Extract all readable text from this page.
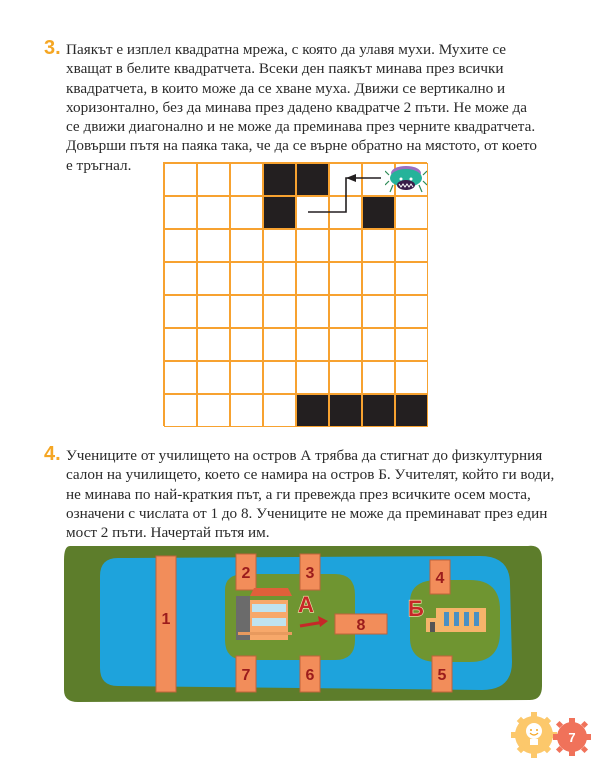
3. Паякът е изплел квадратна мрежа, с която да улавя мухи. Мухите се
хващат в белите квадратчета. Всеки ден паякът минава през всички
квадратчета, в които може да се хване муха. Движи се вертикално и
хоризонтално, без да минава през дадено квадратче 2 пъти. Не може да
се движи диагонално и не може да преминава през черните квадратчета.
Довърши пътя на паяка така, че да се върне обратно на мястото, от което
е тръгнал.
4. Учениците от училището на остров А трябва да стигнат до физкултурния
салон на училището, което се намира на остров Б. Учителят, който ги води,
не минава по най-краткия път, а ги превежда през всичките осем моста,
означени с числата от 1 до 8. Учениците не може да преминават през един
мост 2 пъти. Начертай пътя им.
1
2	3	4
5
6
7
8
А	Б
7
